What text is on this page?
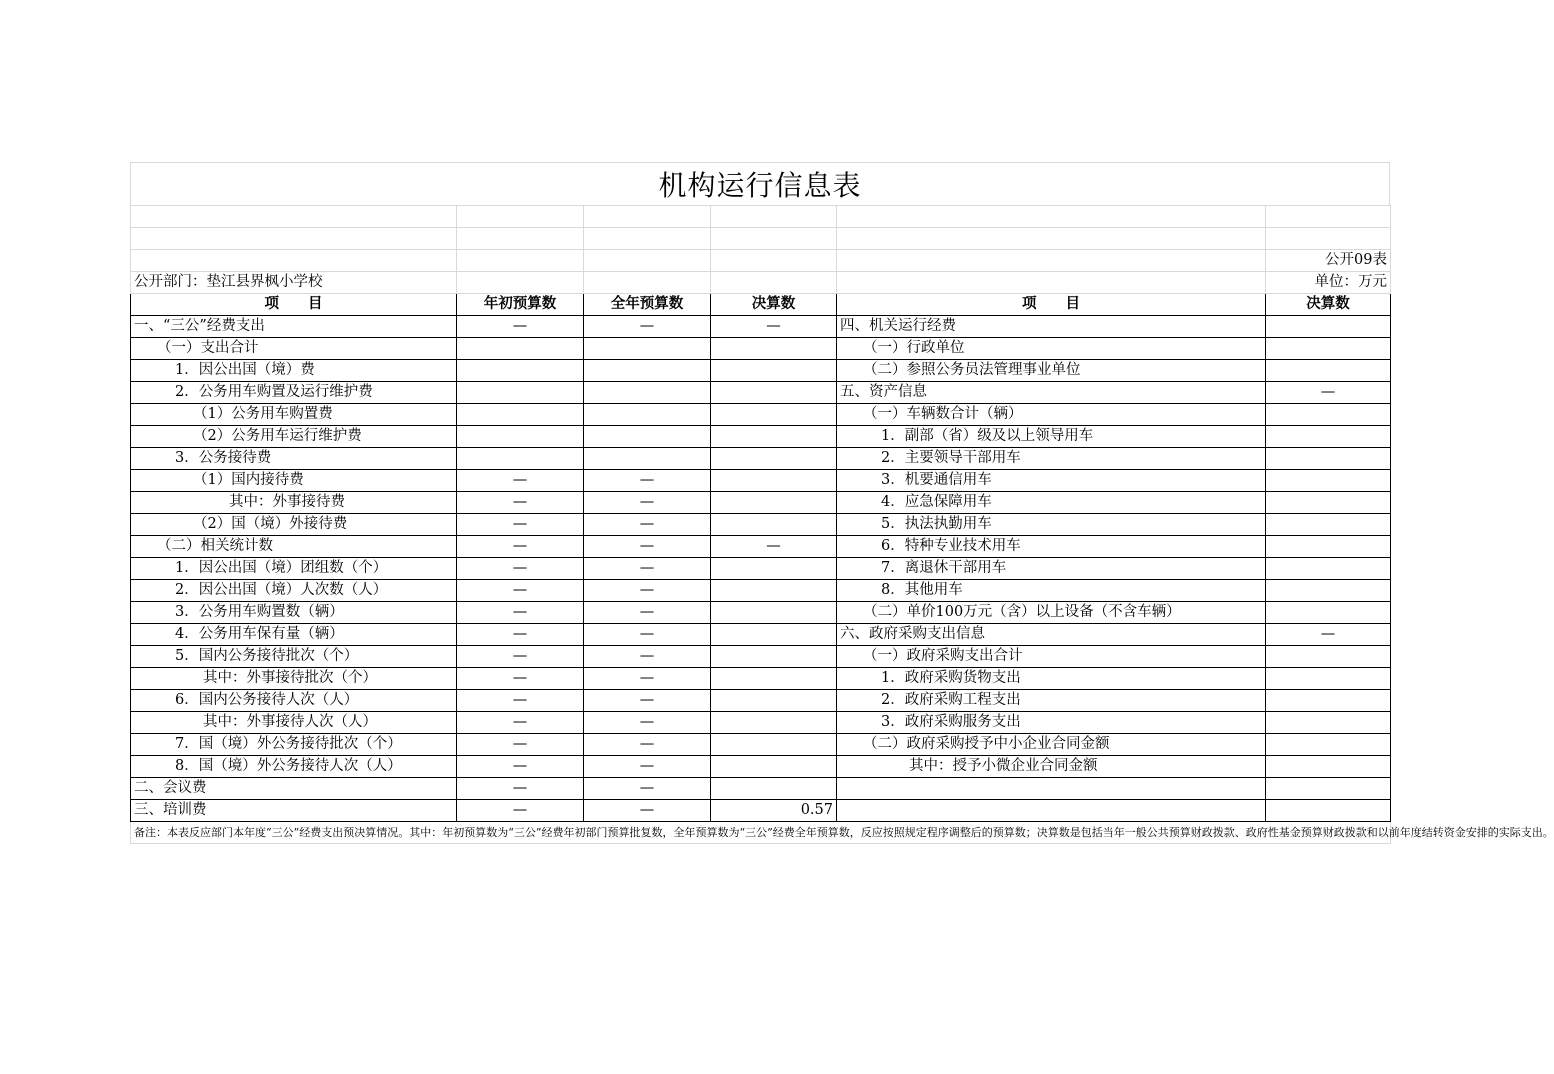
机构运行信息表

					公开09表
公开部门：垫江县界枫小学校					单位：万元
项　　目	年初预算数	全年预算数	决算数	项　　目	决算数
一、“三公”经费支出	—	—	—	四、机关运行经费	
（一）支出合计				（一）行政单位	
1．因公出国（境）费				（二）参照公务员法管理事业单位	
2．公务用车购置及运行维护费				五、资产信息	—
（1）公务用车购置费				（一）车辆数合计（辆）	
（2）公务用车运行维护费				1．副部（省）级及以上领导用车	
3．公务接待费				2．主要领导干部用车	
（1）国内接待费	—	—		3．机要通信用车	
其中：外事接待费	—	—		4．应急保障用车	
（2）国（境）外接待费	—	—		5．执法执勤用车	
（二）相关统计数	—	—	—	6．特种专业技术用车	
1．因公出国（境）团组数（个）	—	—		7．离退休干部用车	
2．因公出国（境）人次数（人）	—	—		8．其他用车	
3．公务用车购置数（辆）	—	—		（二）单价100万元（含）以上设备（不含车辆）	
4．公务用车保有量（辆）	—	—		六、政府采购支出信息	—
5．国内公务接待批次（个）	—	—		（一）政府采购支出合计	
其中：外事接待批次（个）	—	—		1．政府采购货物支出	
6．国内公务接待人次（人）	—	—		2．政府采购工程支出	
其中：外事接待人次（人）	—	—		3．政府采购服务支出	
7．国（境）外公务接待批次（个）	—	—		（二）政府采购授予中小企业合同金额	
8．国（境）外公务接待人次（人）	—	—		其中：授予小微企业合同金额	
二、会议费	—	—			
三、培训费	—	—	0.57		
备注：本表反应部门本年度“三公”经费支出预决算情况。其中：年初预算数为“三公”经费年初部门预算批复数，全年预算数为“三公”经费全年预算数，反应按照规定程序调整后的预算数；决算数是包括当年一般公共预算财政拨款、政府性基金预算财政拨款和以前年度结转资金安排的实际支出。					
